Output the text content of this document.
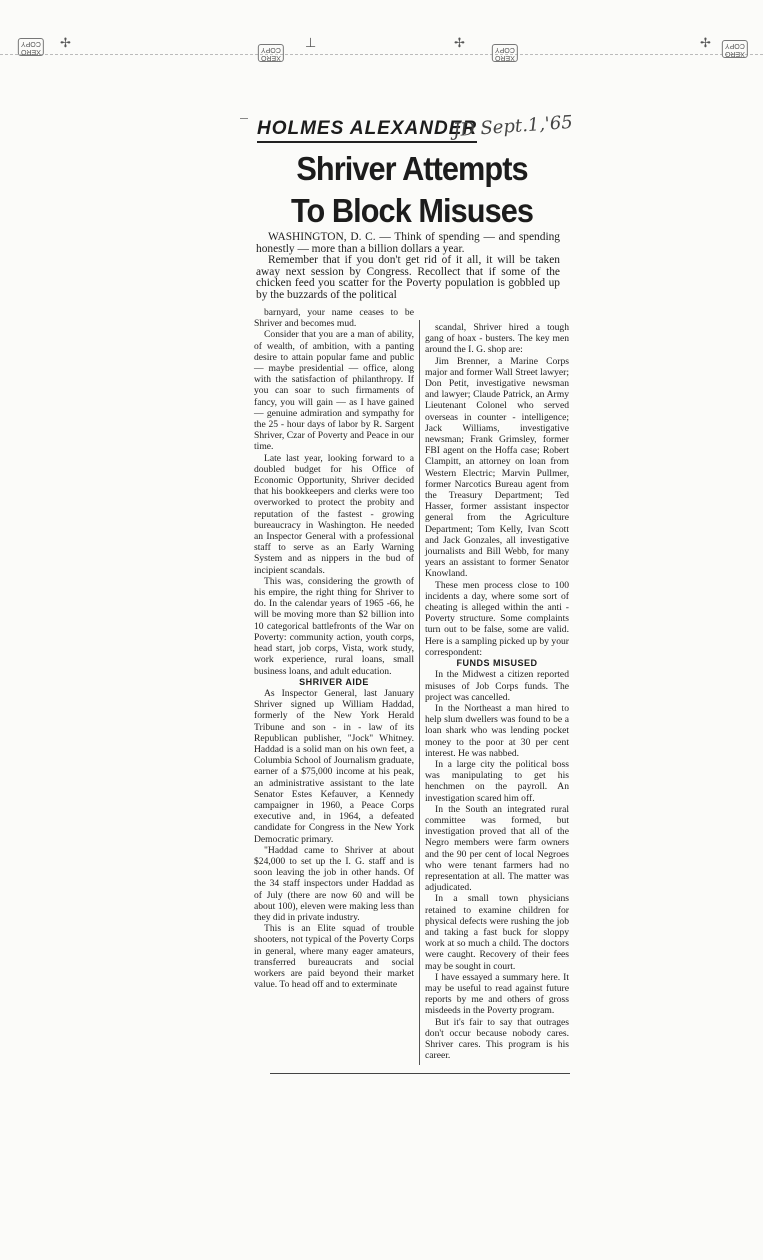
XERO
COPY
XERO
COPY
XERO
COPY
XERO
COPY
✢	⊥	✢	✢
HOLMES ALEXANDER
JD Sept.1,'65
Shriver Attempts
To Block Misuses

WASHINGTON, D. C. — Think of spending — and spending honestly — more than a billion dollars a year.

Remember that if you don't get rid of it all, it will be taken away next session by Congress. Recollect that if some of the chicken feed you scatter for the Poverty population is gobbled up by the buzzards of the political

barnyard, your name ceases to be Shriver and becomes mud.

Consider that you are a man of ability, of wealth, of ambition, with a panting desire to attain popular fame and public — maybe presidential — office, along with the satisfaction of philanthropy. If you can soar to such firmaments of fancy, you will gain — as I have gained — genuine admiration and sympathy for the 25 - hour days of labor by R. Sargent Shriver, Czar of Poverty and Peace in our time.

Late last year, looking forward to a doubled budget for his Office of Economic Opportunity, Shriver decided that his bookkeepers and clerks were too overworked to protect the probity and reputation of the fastest - growing bureaucracy in Washington. He needed an Inspector General with a professional staff to serve as an Early Warning System and as nippers in the bud of incipient scandals.

This was, considering the growth of his empire, the right thing for Shriver to do. In the calendar years of 1965 -66, he will be moving more than $2 billion into 10 categorical battlefronts of the War on Poverty: community action, youth corps, head start, job corps, Vista, work study, work experience, rural loans, small business loans, and adult education.

SHRIVER AIDE

As Inspector General, last January Shriver signed up William Haddad, formerly of the New York Herald Tribune and son - in - law of its Republican publisher, "Jock" Whitney. Haddad is a solid man on his own feet, a Columbia School of Journalism graduate, earner of a $75,000 income at his peak, an administrative assistant to the late Senator Estes Kefauver, a Kennedy campaigner in 1960, a Peace Corps executive and, in 1964, a defeated candidate for Congress in the New York Democratic primary.

"Haddad came to Shriver at about $24,000 to set up the I. G. staff and is soon leaving the job in other hands. Of the 34 staff inspectors under Haddad as of July (there are now 60 and will be about 100), eleven were making less than they did in private industry.

This is an Elite squad of trouble shooters, not typical of the Poverty Corps in general, where many eager amateurs, transferred bureaucrats and social workers are paid beyond their market value. To head off and to exterminate

scandal, Shriver hired a tough gang of hoax - busters. The key men around the I. G. shop are:

Jim Brenner, a Marine Corps major and former Wall Street lawyer; Don Petit, investigative newsman and lawyer; Claude Patrick, an Army Lieutenant Colonel who served overseas in counter - intelligence; Jack Williams, investigative newsman; Frank Grimsley, former FBI agent on the Hoffa case; Robert Clampitt, an attorney on loan from Western Electric; Marvin Pullmer, former Narcotics Bureau agent from the Treasury Department; Ted Hasser, former assistant inspector general from the Agriculture Department; Tom Kelly, Ivan Scott and Jack Gonzales, all investigative journalists and Bill Webb, for many years an assistant to former Senator Knowland.

These men process close to 100 incidents a day, where some sort of cheating is alleged within the anti - Poverty structure. Some complaints turn out to be false, some are valid. Here is a sampling picked up by your correspondent:

FUNDS MISUSED

In the Midwest a citizen reported misuses of Job Corps funds. The project was cancelled.

In the Northeast a man hired to help slum dwellers was found to be a loan shark who was lending pocket money to the poor at 30 per cent interest. He was nabbed.

In a large city the political boss was manipulating to get his henchmen on the payroll. An investigation scared him off.

In the South an integrated rural committee was formed, but investigation proved that all of the Negro members were farm owners and the 90 per cent of local Negroes who were tenant farmers had no representation at all. The matter was adjudicated.

In a small town physicians retained to examine children for physical defects were rushing the job and taking a fast buck for sloppy work at so much a child. The doctors were caught. Recovery of their fees may be sought in court.

I have essayed a summary here. It may be useful to read against future reports by me and others of gross misdeeds in the Poverty program.

But it's fair to say that outrages don't occur because nobody cares. Shriver cares. This program is his career.
